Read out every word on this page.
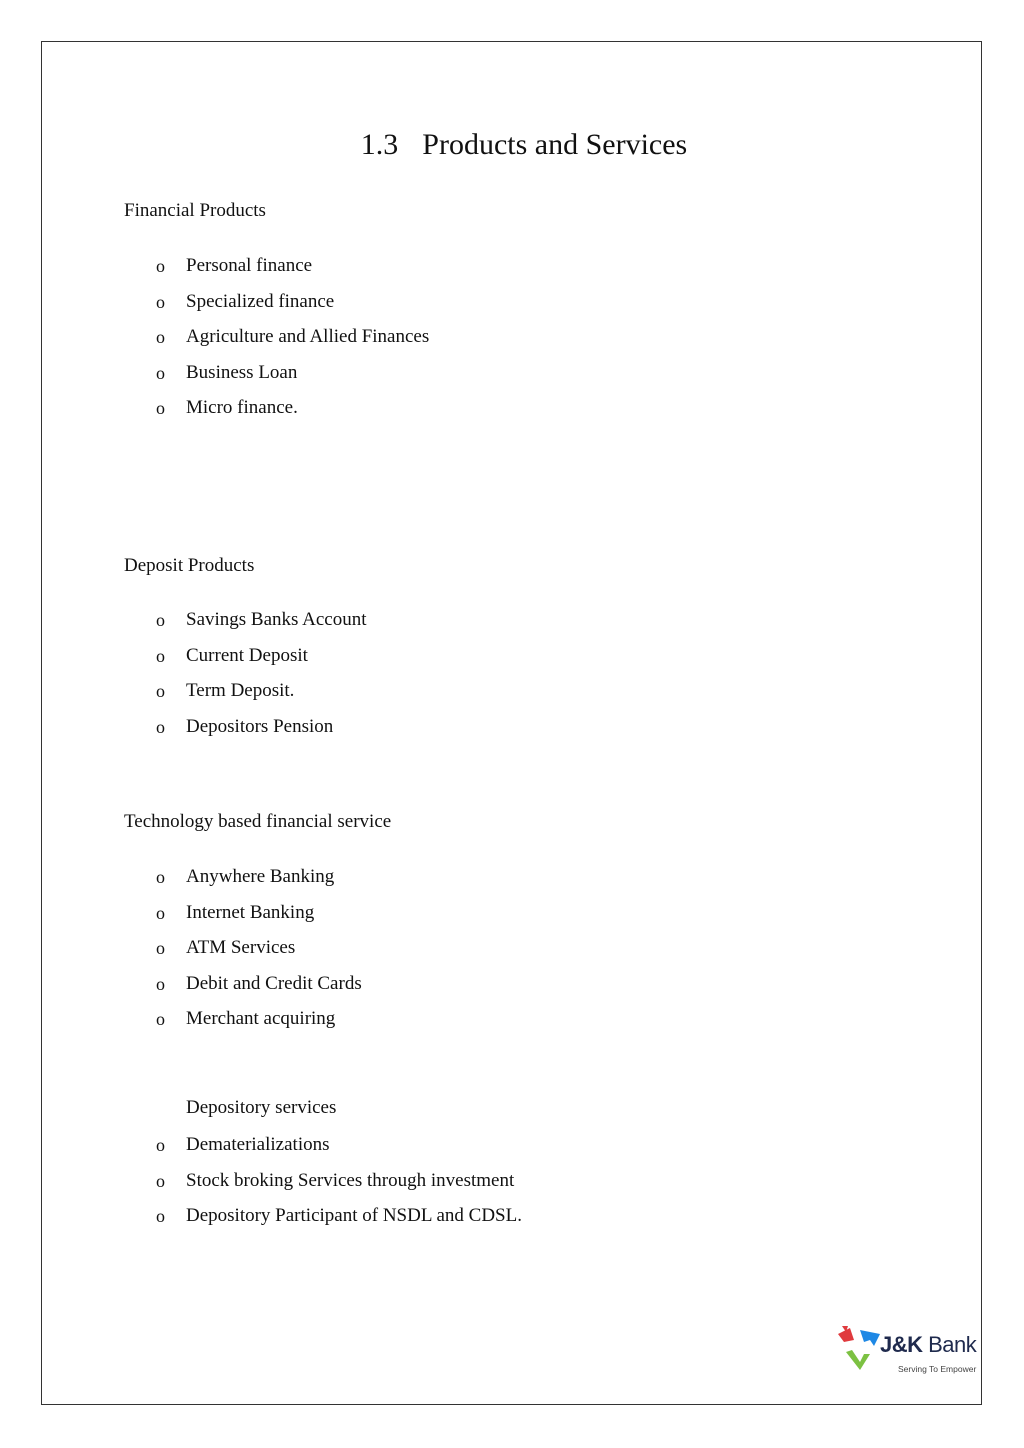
1.3 Products and Services
Financial Products
o Personal finance
o Specialized finance
o Agriculture and Allied Finances
o Business Loan
o Micro finance.
Deposit Products
o Savings Banks Account
o Current Deposit
o Term Deposit.
o Depositors Pension
Technology based financial service
o Anywhere Banking
o Internet Banking
o ATM Services
o Debit and Credit Cards
o Merchant acquiring
Depository services
o Dematerializations
o Stock broking Services through investment
o Depository Participant of NSDL and CDSL.
J&K Bank
Serving To Empower
